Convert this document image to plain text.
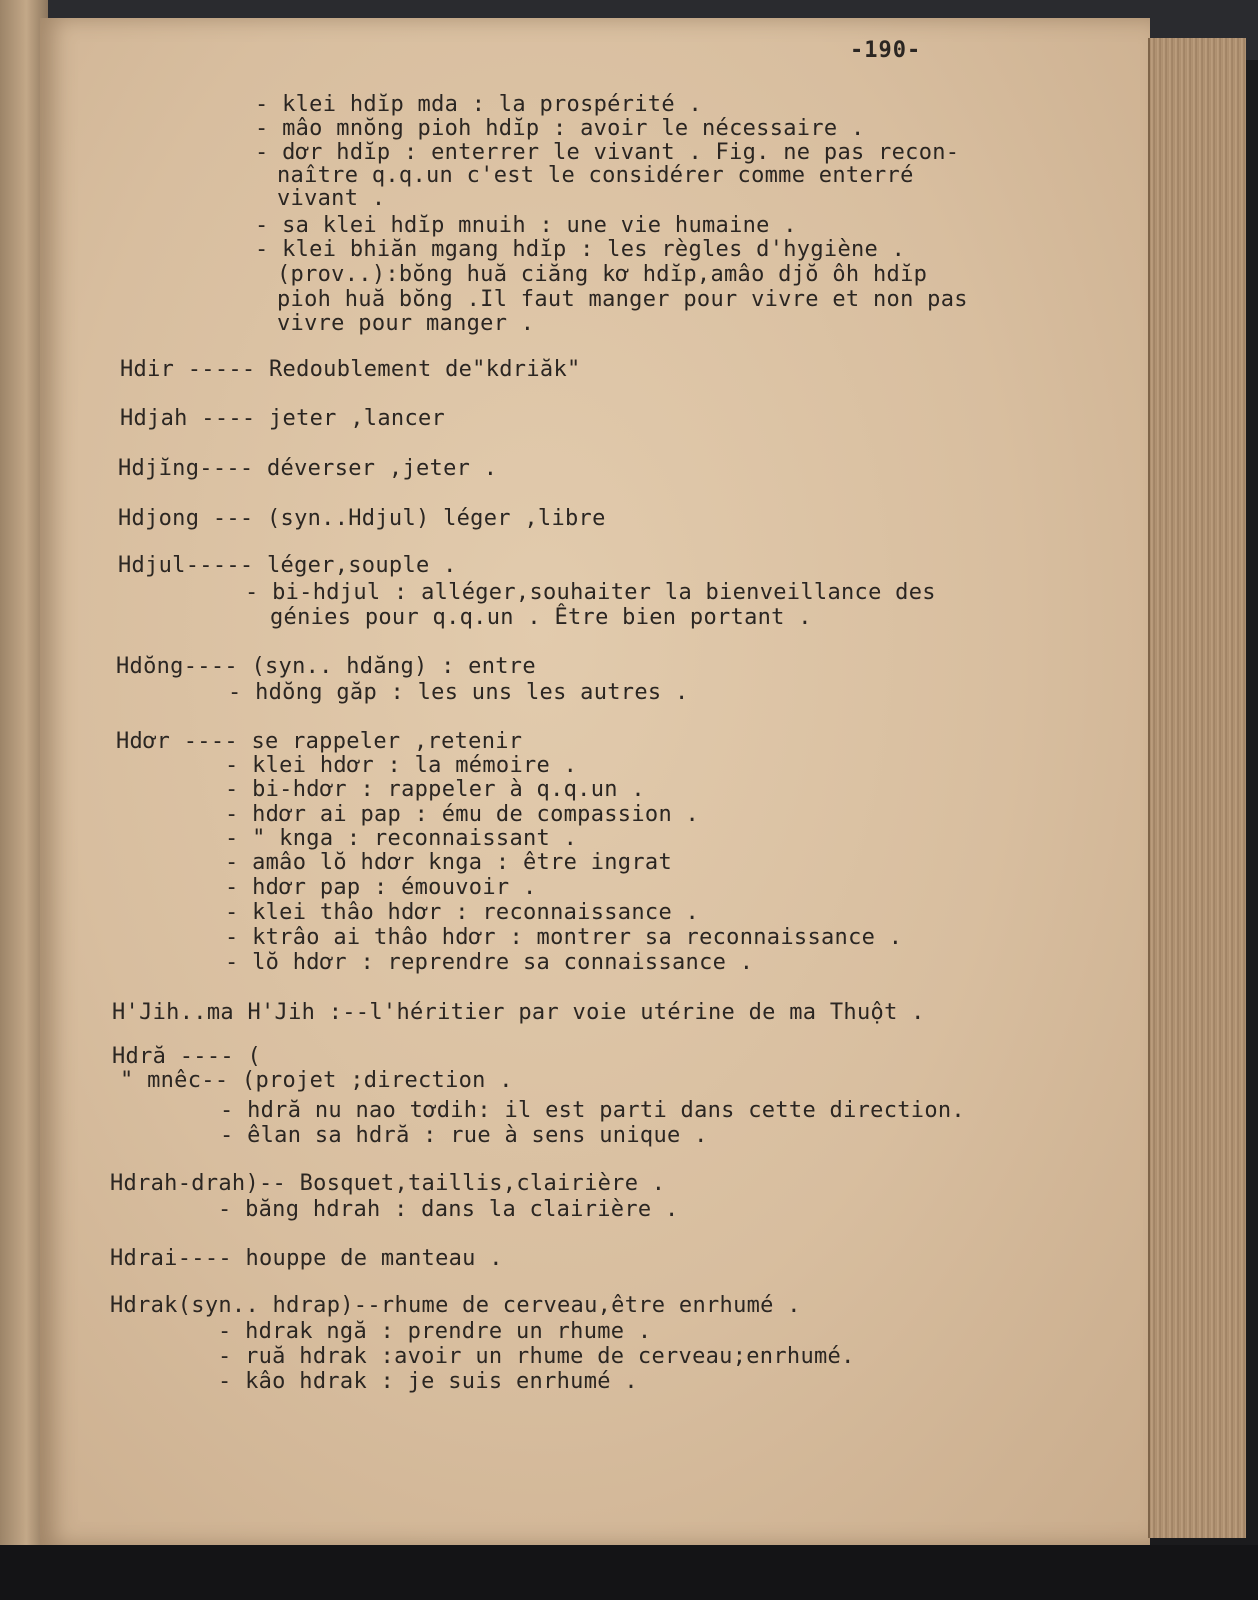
-190-
- klei hdĭp mda : la prospérité .
- mâo mnŏng pioh hdĭp : avoir le nécessaire .
- dơr hdĭp : enterrer le vivant . Fig. ne pas recon-
naître q.q.un c'est le considérer comme enterré
vivant .
- sa klei hdĭp mnuih : une vie humaine .
- klei bhiăn mgang hdĭp : les règles d'hygiène .
(prov..):bŏng huă ciăng kơ hdĭp,amâo djŏ ôh hdĭp
pioh huă bŏng .Il faut manger pour vivre et non pas
vivre pour manger .
Hdir ----- Redoublement de"kdriăk"
Hdjah ---- jeter ,lancer
Hdjĭng---- déverser ,jeter .
Hdjong --- (syn..Hdjul) léger ,libre
Hdjul----- léger,souple .
- bi-hdjul : alléger,souhaiter la bienveillance des
génies pour q.q.un . Être bien portant .
Hdŏng---- (syn.. hdăng) : entre
- hdŏng găp : les uns les autres .
Hdơr ---- se rappeler ,retenir
- klei hdơr : la mémoire .
- bi-hdơr : rappeler à q.q.un .
- hdơr ai pap : ému de compassion .
- " knga : reconnaissant .
- amâo lŏ hdơr knga : être ingrat
- hdơr pap : émouvoir .
- klei thâo hdơr : reconnaissance .
- ktrâo ai thâo hdơr : montrer sa reconnaissance .
- lŏ hdơr : reprendre sa connaissance .
H'Jih..ma H'Jih :--l'héritier par voie utérine de ma Thuột .
Hdră ---- (
" mnêc-- (projet ;direction .
- hdră nu nao tơdih: il est parti dans cette direction.
- êlan sa hdră : rue à sens unique .
Hdrah-drah)-- Bosquet,taillis,clairière .
- băng hdrah : dans la clairière .
Hdrai---- houppe de manteau .
Hdrak(syn.. hdrap)--rhume de cerveau,être enrhumé .
- hdrak ngă : prendre un rhume .
- ruă hdrak :avoir un rhume de cerveau;enrhumé.
- kâo hdrak : je suis enrhumé .
